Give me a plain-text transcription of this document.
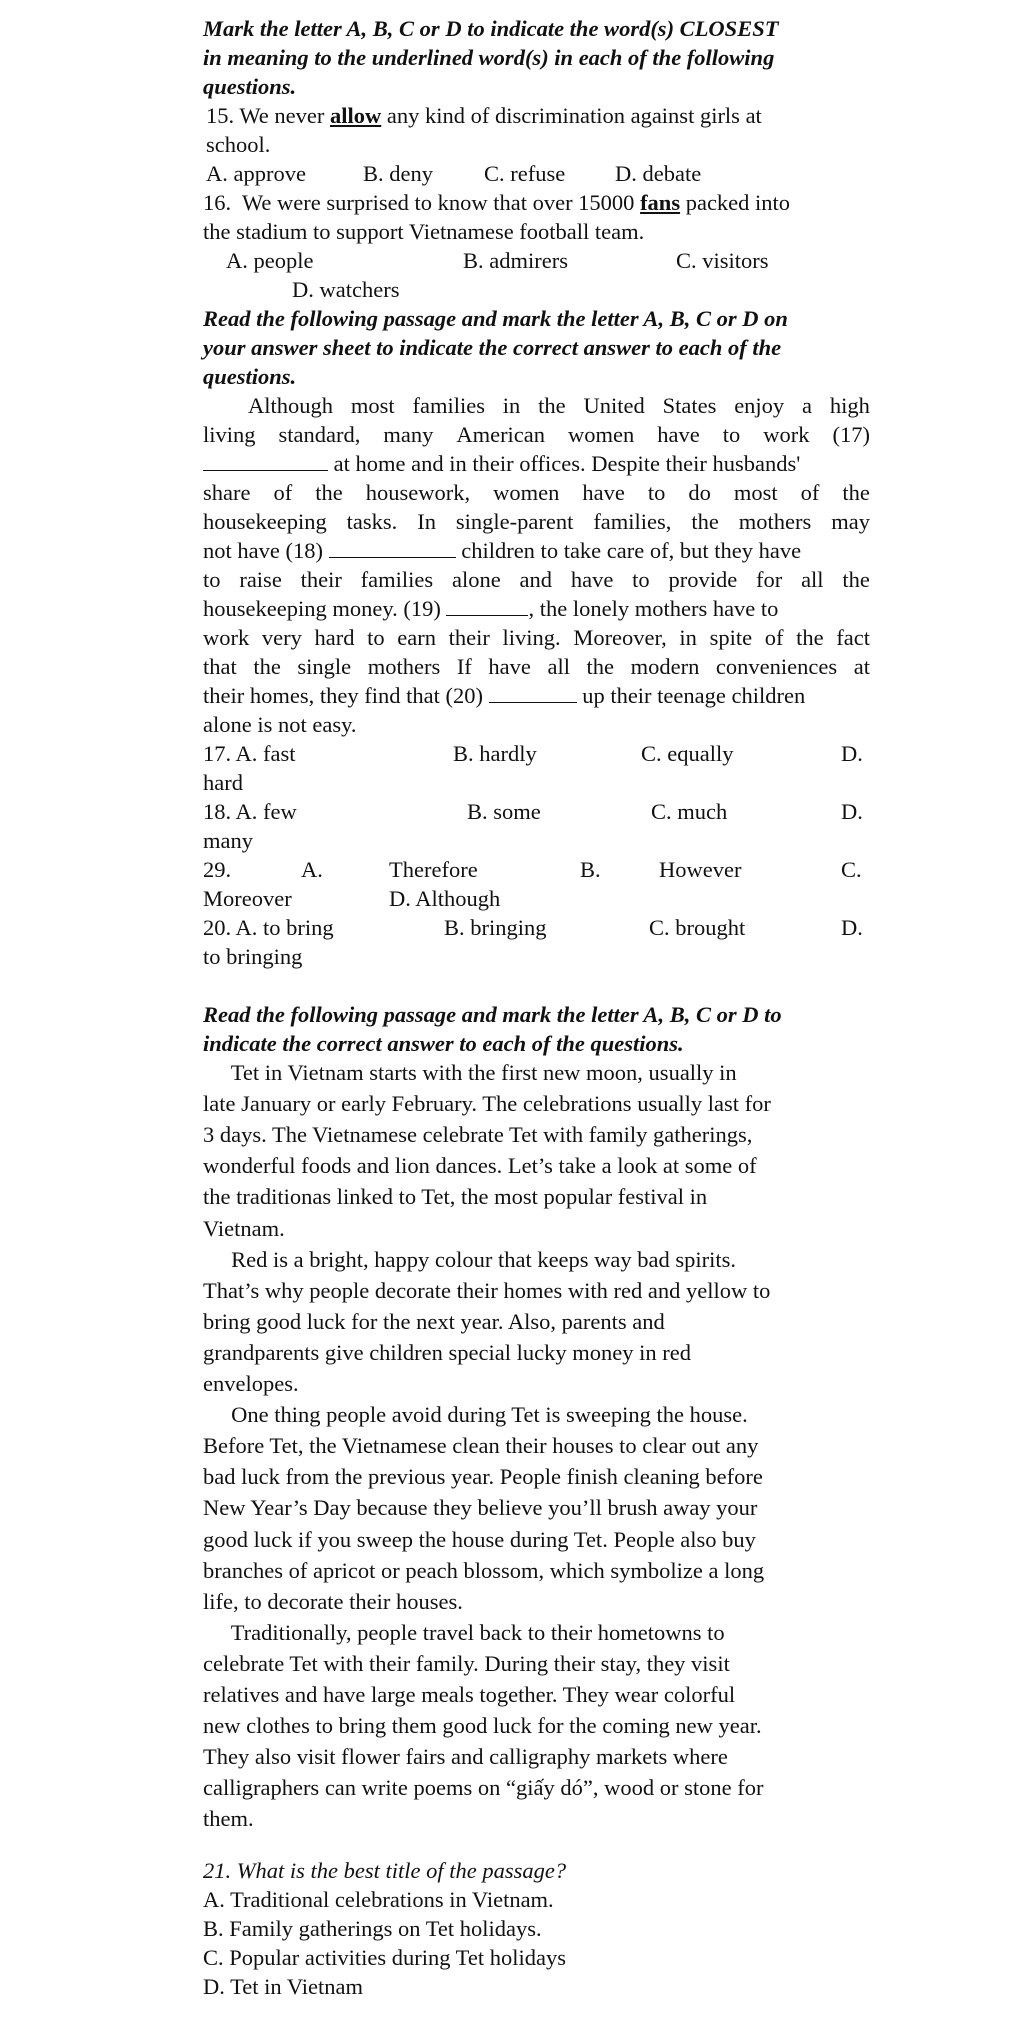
Mark the letter A, B, C or D to indicate the word(s) CLOSEST
in meaning to the underlined word(s) in each of the following
questions.
15. We never allow any kind of discrimination against girls at
school.
A. approve	B. deny C. refuse D. debate
16.  We were surprised to know that over 15000 fans packed into
the stadium to support Vietnamese football team.
A. people	B. admirers	C. visitors
D. watchers
Read the following passage and mark the letter A, B, C or D on
your answer sheet to indicate the correct answer to each of the
questions.
Although most families in the United States enjoy a high
living standard, many American women have to work (17)
at home and in their offices. Despite their husbands'
share of the housework, women have to do most of the
housekeeping tasks. In single-parent families, the mothers may
not have (18)	children to take care of, but they have
to raise their families alone and have to provide for all the
housekeeping money. (19)	, the lonely mothers have to
work very hard to earn their living. Moreover, in spite of the fact
that the single mothers If have all the modern conveniences at
their homes, they find that (20)	up their teenage children
alone is not easy.
17. A. fast	B. hardly	C. equally	D.
hard
18. A. few	B. some	C. much	D.
many
29.	A.	Therefore	B.	However	C.
Moreover	D. Although
20. A. to bring	B. bringing	C. brought	D.
to bringing
Read the following passage and mark the letter A, B, C or D to
indicate the correct answer to each of the questions.
Tet in Vietnam starts with the first new moon, usually in
late January or early February. The celebrations usually last for
3 days. The Vietnamese celebrate Tet with family gatherings,
wonderful foods and lion dances. Let’s take a look at some of
the traditionas linked to Tet, the most popular festival in
Vietnam.
Red is a bright, happy colour that keeps way bad spirits.
That’s why people decorate their homes with red and yellow to
bring good luck for the next year. Also, parents and
grandparents give children special lucky money in red
envelopes.
One thing people avoid during Tet is sweeping the house.
Before Tet, the Vietnamese clean their houses to clear out any
bad luck from the previous year. People finish cleaning before
New Year’s Day because they believe you’ll brush away your
good luck if you sweep the house during Tet. People also buy
branches of apricot or peach blossom, which symbolize a long
life, to decorate their houses.
Traditionally, people travel back to their hometowns to
celebrate Tet with their family. During their stay, they visit
relatives and have large meals together. They wear colorful
new clothes to bring them good luck for the coming new year.
They also visit flower fairs and calligraphy markets where
calligraphers can write poems on “giấy dó”, wood or stone for
them.
21. What is the best title of the passage?
A. Traditional celebrations in Vietnam.
B. Family gatherings on Tet holidays.
C. Popular activities during Tet holidays
D. Tet in Vietnam
